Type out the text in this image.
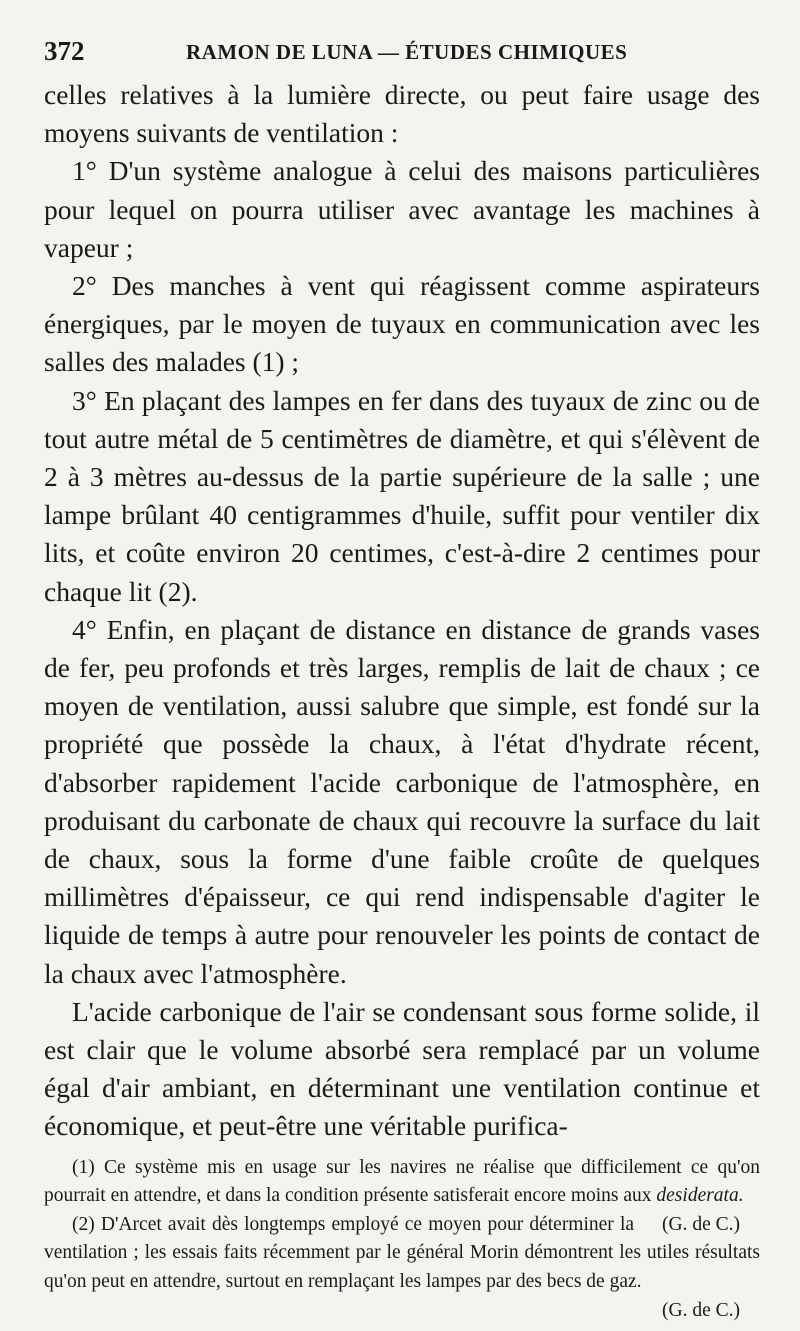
372	RAMON DE LUNA — ÉTUDES CHIMIQUES

celles relatives à la lumière directe, ou peut faire usage des moyens suivants de ventilation :

1° D'un système analogue à celui des maisons particulières pour lequel on pourra utiliser avec avantage les machines à vapeur ;

2° Des manches à vent qui réagissent comme aspirateurs énergiques, par le moyen de tuyaux en communication avec les salles des malades (1) ;

3° En plaçant des lampes en fer dans des tuyaux de zinc ou de tout autre métal de 5 centimètres de diamètre, et qui s'élèvent de 2 à 3 mètres au-dessus de la partie supérieure de la salle ; une lampe brûlant 40 centigrammes d'huile, suffit pour ventiler dix lits, et coûte environ 20 centimes, c'est-à-dire 2 centimes pour chaque lit (2).

4° Enfin, en plaçant de distance en distance de grands vases de fer, peu profonds et très larges, remplis de lait de chaux ; ce moyen de ventilation, aussi salubre que simple, est fondé sur la propriété que possède la chaux, à l'état d'hydrate récent, d'absorber rapidement l'acide carbonique de l'atmosphère, en produisant du carbonate de chaux qui recouvre la surface du lait de chaux, sous la forme d'une faible croûte de quelques millimètres d'épaisseur, ce qui rend indispensable d'agiter le liquide de temps à autre pour renouveler les points de contact de la chaux avec l'atmosphère.

L'acide carbonique de l'air se condensant sous forme solide, il est clair que le volume absorbé sera remplacé par un volume égal d'air ambiant, en déterminant une ventilation continue et économique, et peut-être une véritable purifica-

(1) Ce système mis en usage sur les navires ne réalise que difficilement ce qu'on pourrait en attendre, et dans la condition présente satisferait encore moins aux desiderata.
(G. de C.)

(2) D'Arcet avait dès longtemps employé ce moyen pour déterminer la ventilation ; les essais faits récemment par le général Morin démontrent les utiles résultats qu'on peut en attendre, surtout en remplaçant les lampes par des becs de gaz.
(G. de C.)
